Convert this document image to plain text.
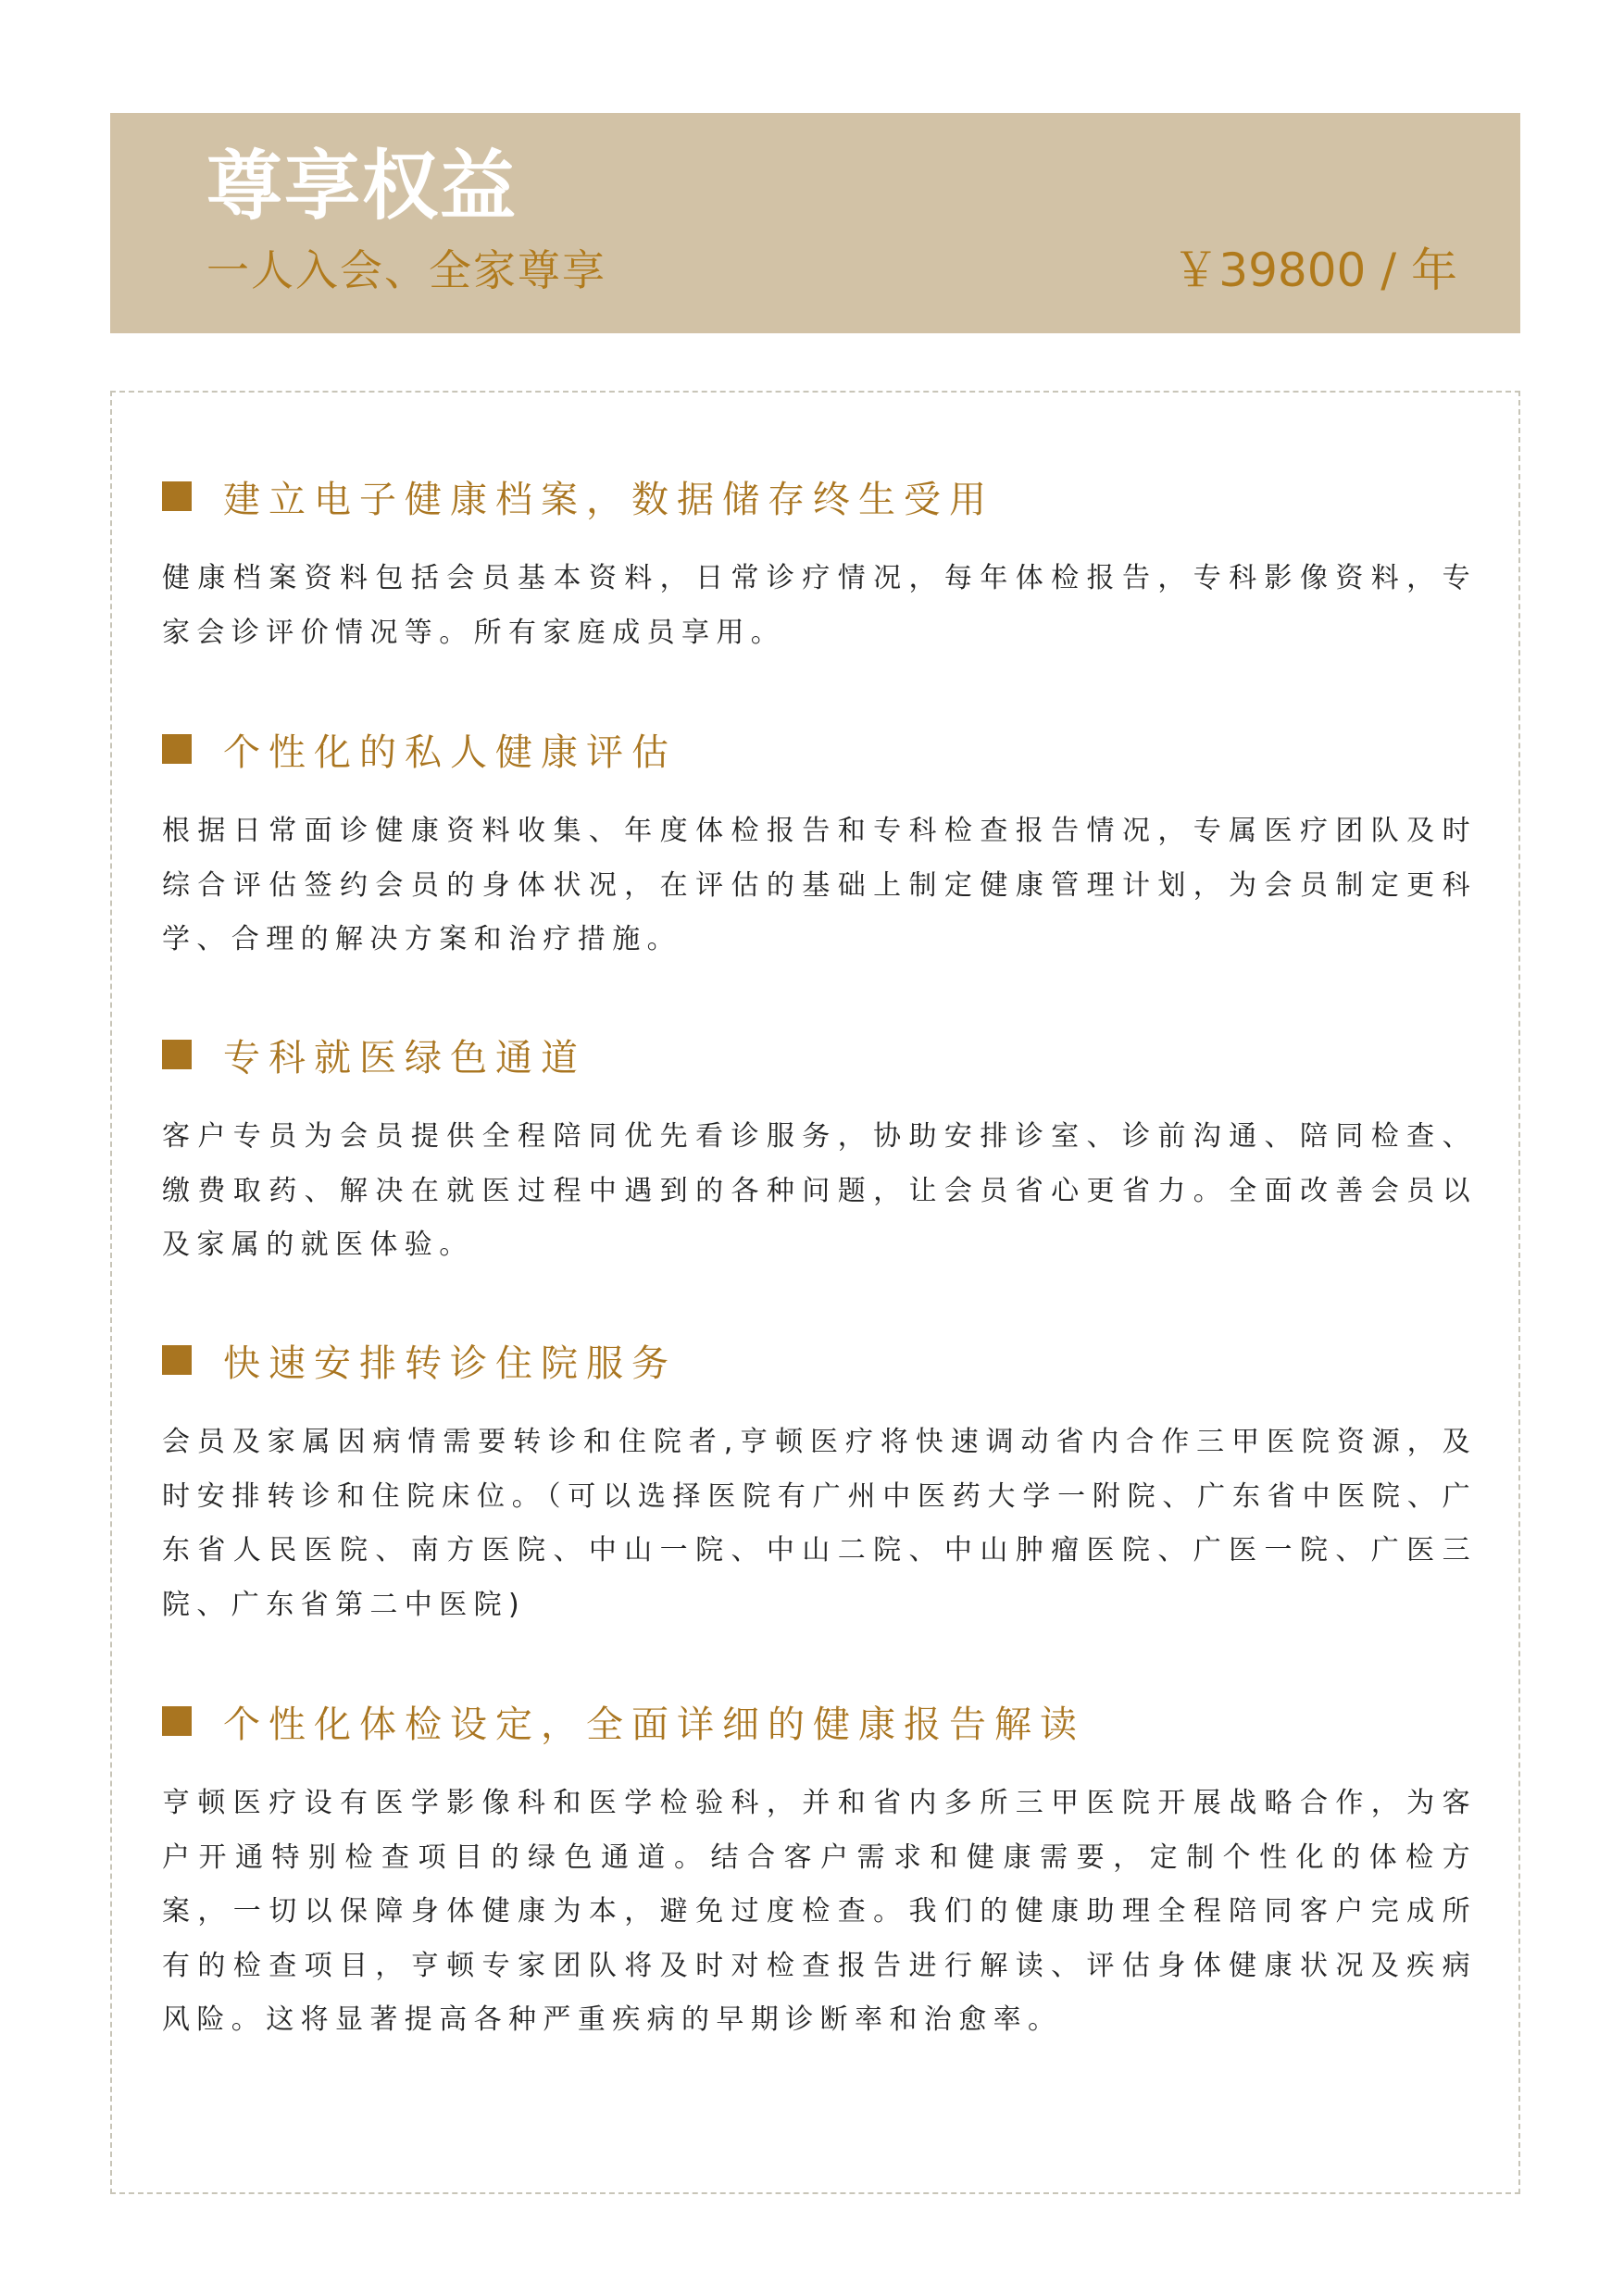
尊享权益
一人入会、全家尊享	￥39800 / 年
建立电子健康档案，数据储存终生受用

健康档案资料包括会员基本资料，日常诊疗情况，每年体检报告，专科影像资料，专家会诊评价情况等。所有家庭成员享用。

个性化的私人健康评估

根据日常面诊健康资料收集、年度体检报告和专科检查报告情况，专属医疗团队及时综合评估签约会员的身体状况，在评估的基础上制定健康管理计划，为会员制定更科学、合理的解决方案和治疗措施。

专科就医绿色通道

客户专员为会员提供全程陪同优先看诊服务，协助安排诊室、诊前沟通、陪同检查、缴费取药、解决在就医过程中遇到的各种问题，让会员省心更省力。全面改善会员以及家属的就医体验。

快速安排转诊住院服务

会员及家属因病情需要转诊和住院者,亨顿医疗将快速调动省内合作三甲医院资源，及时安排转诊和住院床位。（可以选择医院有广州中医药大学一附院、广东省中医院、广东省人民医院、南方医院、中山一院、中山二院、中山肿瘤医院、广医一院、广医三院、广东省第二中医院)

个性化体检设定，全面详细的健康报告解读

亨顿医疗设有医学影像科和医学检验科，并和省内多所三甲医院开展战略合作，为客户开通特别检查项目的绿色通道。结合客户需求和健康需要，定制个性化的体检方案，一切以保障身体健康为本，避免过度检查。我们的健康助理全程陪同客户完成所有的检查项目，亨顿专家团队将及时对检查报告进行解读、评估身体健康状况及疾病风险。这将显著提高各种严重疾病的早期诊断率和治愈率。
